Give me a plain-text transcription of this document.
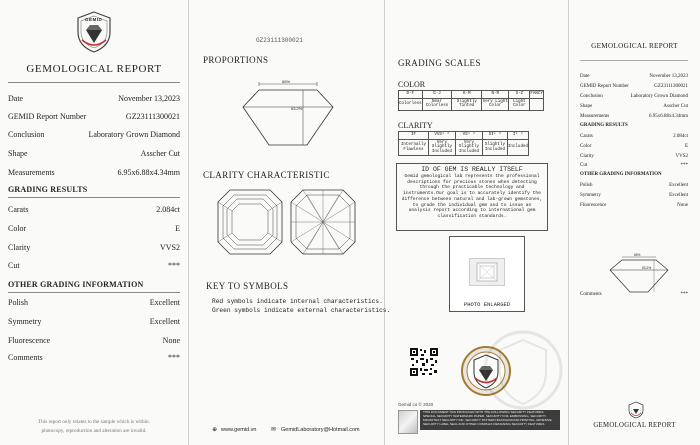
GEMID
GEMOLOGICAL REPORT
Date	November 13,2023
GEMID Report Number	GZ23111300021
Conclusion	Laboratory Grown Diamond
Shape	Asscher Cut
Measurements	6.95x6.88x4.34mm
GRADING RESULTS
Carats	2.084ct
Color	E
Clarity	VVS2
Cut	***
OTHER GRADING INFORMATION
Polish	Excellent
Symmetry	Excellent
Fluorescence	None
Comments	***
This report only relates to the sample which is within.
photocopy, reproduction and alteration are invalid.
GZ23111300021
PROPORTIONS
65%
63.2%
CLARITY CHARACTERISTIC
KEY TO SYMBOLS
Red symbols indicate internal characteristics.
Green symbols indicate external characteristics.
⊕ www.gemid.vn ✉ GemidLaboratory@Hotmail.com
GRADING SCALES
COLOR
D-F	G-J	K-M	N-R	S-Z	FANCY
Colorless	Near Colorless	Slightly Tinted	Very Light Color	Light Color	
CLARITY
IF	VVS¹ ²	VS¹ ²	SI¹ ²	I¹ ²
Internally Flawless	Very Slightly Included	Very Slightly Included	Slightly Included	Included
ID OF GEM IS REALLY ITSELF
Gemid gemological lab represents the professional descriptions for precious stones when detecting through the practicable technology and instruments.Our goal is to accurately identify the difference between natural and lab-grown gemstones, to grade the individual gem and to issue an analysis report according to international gem classification standards.
PHOTO ENLARGED
Gemid co © 2020
THIS DOCUMENT HAS PRODUCED WITH THE FOLLOWING SECURITY FEATURES: SPECIAL SECURITY WATERMARK PAPER. SECURITY FOIL EMBOSSING, SECURITY MICROTEXT SECURITY INK, SECURITY PATTERN BACKGROUND PRINTING, ADHESIVE SECURITY LABEL SEAL AND OTHER COMPLEX DESIGNING SECURITY FEATURES.
GEMOLOGICAL REPORT
Date	November 13,2023
GEMID Report Number	GZ23111300021
Conclusion	Laboratory Grown Diamond
Shape	Asscher Cut
Measurements	6.95x6.88x4.34mm
GRADING RESULTS
Carats	2.084ct
Color	E
Clarity	VVS2
Cut	***
OTHER GRADING INFORMATION
Polish	Excellent
Symmetry	Excellent
Fluorescence	None
65%
63.2%
Comments	***
GEMOLOGICAL REPORT
